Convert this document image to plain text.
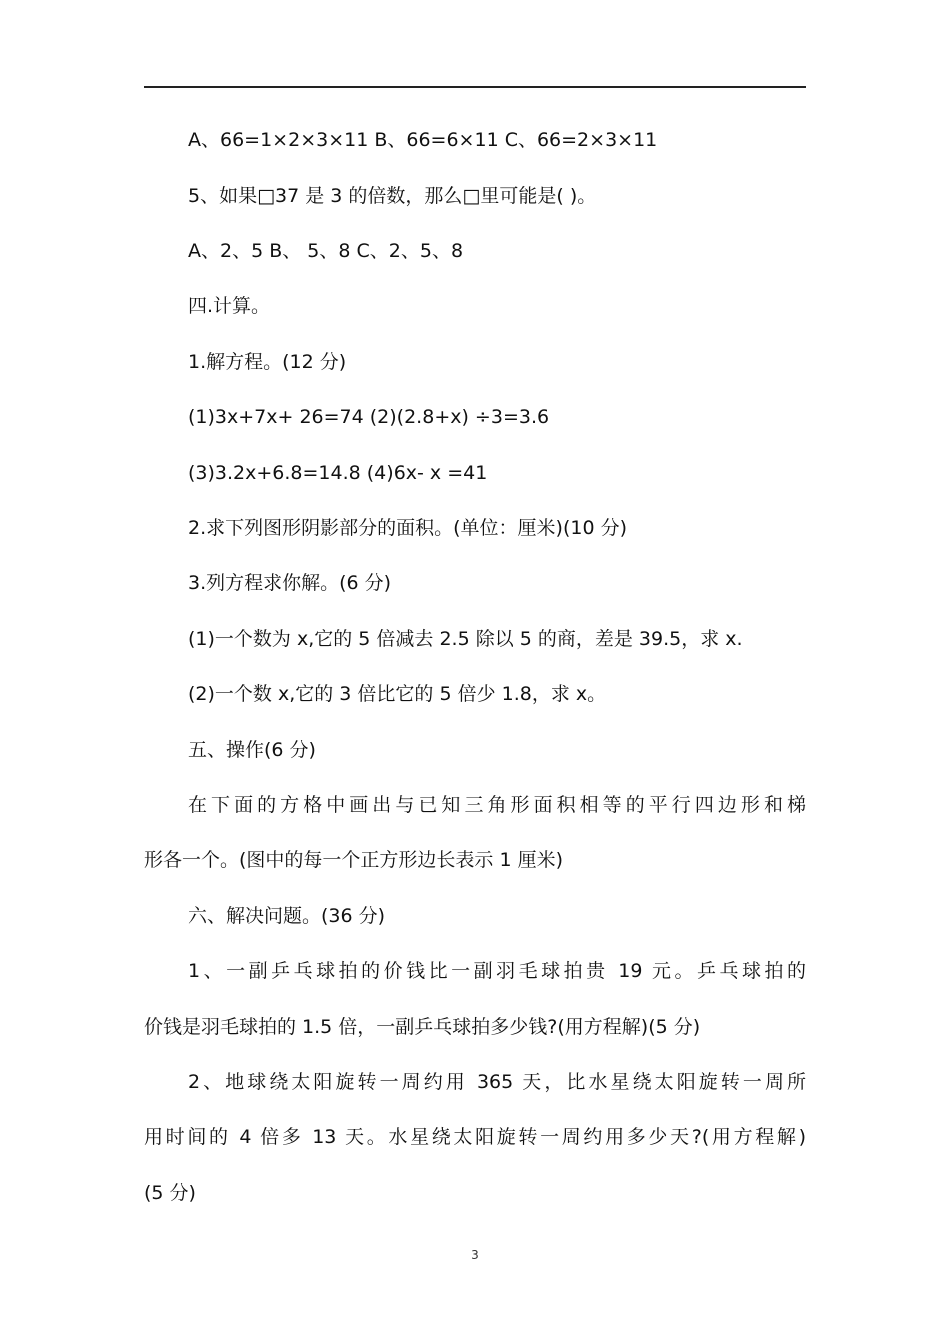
A、66=1×2×3×11 B、66=6×11 C、66=2×3×11
5、如果□37 是 3 的倍数，那么□里可能是( )。
A、2、5 B、 5、8 C、2、5、8
四.计算。
1.解方程。(12 分)
(1)3x+7x+ 26=74 (2)(2.8+x) ÷3=3.6
(3)3.2x+6.8=14.8 (4)6x- x =41
2.求下列图形阴影部分的面积。(单位：厘米)(10 分)
3.列方程求你解。(6 分)
(1)一个数为 x,它的 5 倍减去 2.5 除以 5 的商，差是 39.5，求 x.
(2)一个数 x,它的 3 倍比它的 5 倍少 1.8，求 x。
五、操作(6 分)
在下面的方格中画出与已知三角形面积相等的平行四边形和梯
形各一个。(图中的每一个正方形边长表示 1 厘米)
六、解决问题。(36 分)
1、一副乒乓球拍的价钱比一副羽毛球拍贵 19 元。乒乓球拍的
价钱是羽毛球拍的 1.5 倍，一副乒乓球拍多少钱?(用方程解)(5 分)
2、地球绕太阳旋转一周约用 365 天，比水星绕太阳旋转一周所
用时间的 4 倍多 13 天。水星绕太阳旋转一周约用多少天?(用方程解)
(5 分)
3
